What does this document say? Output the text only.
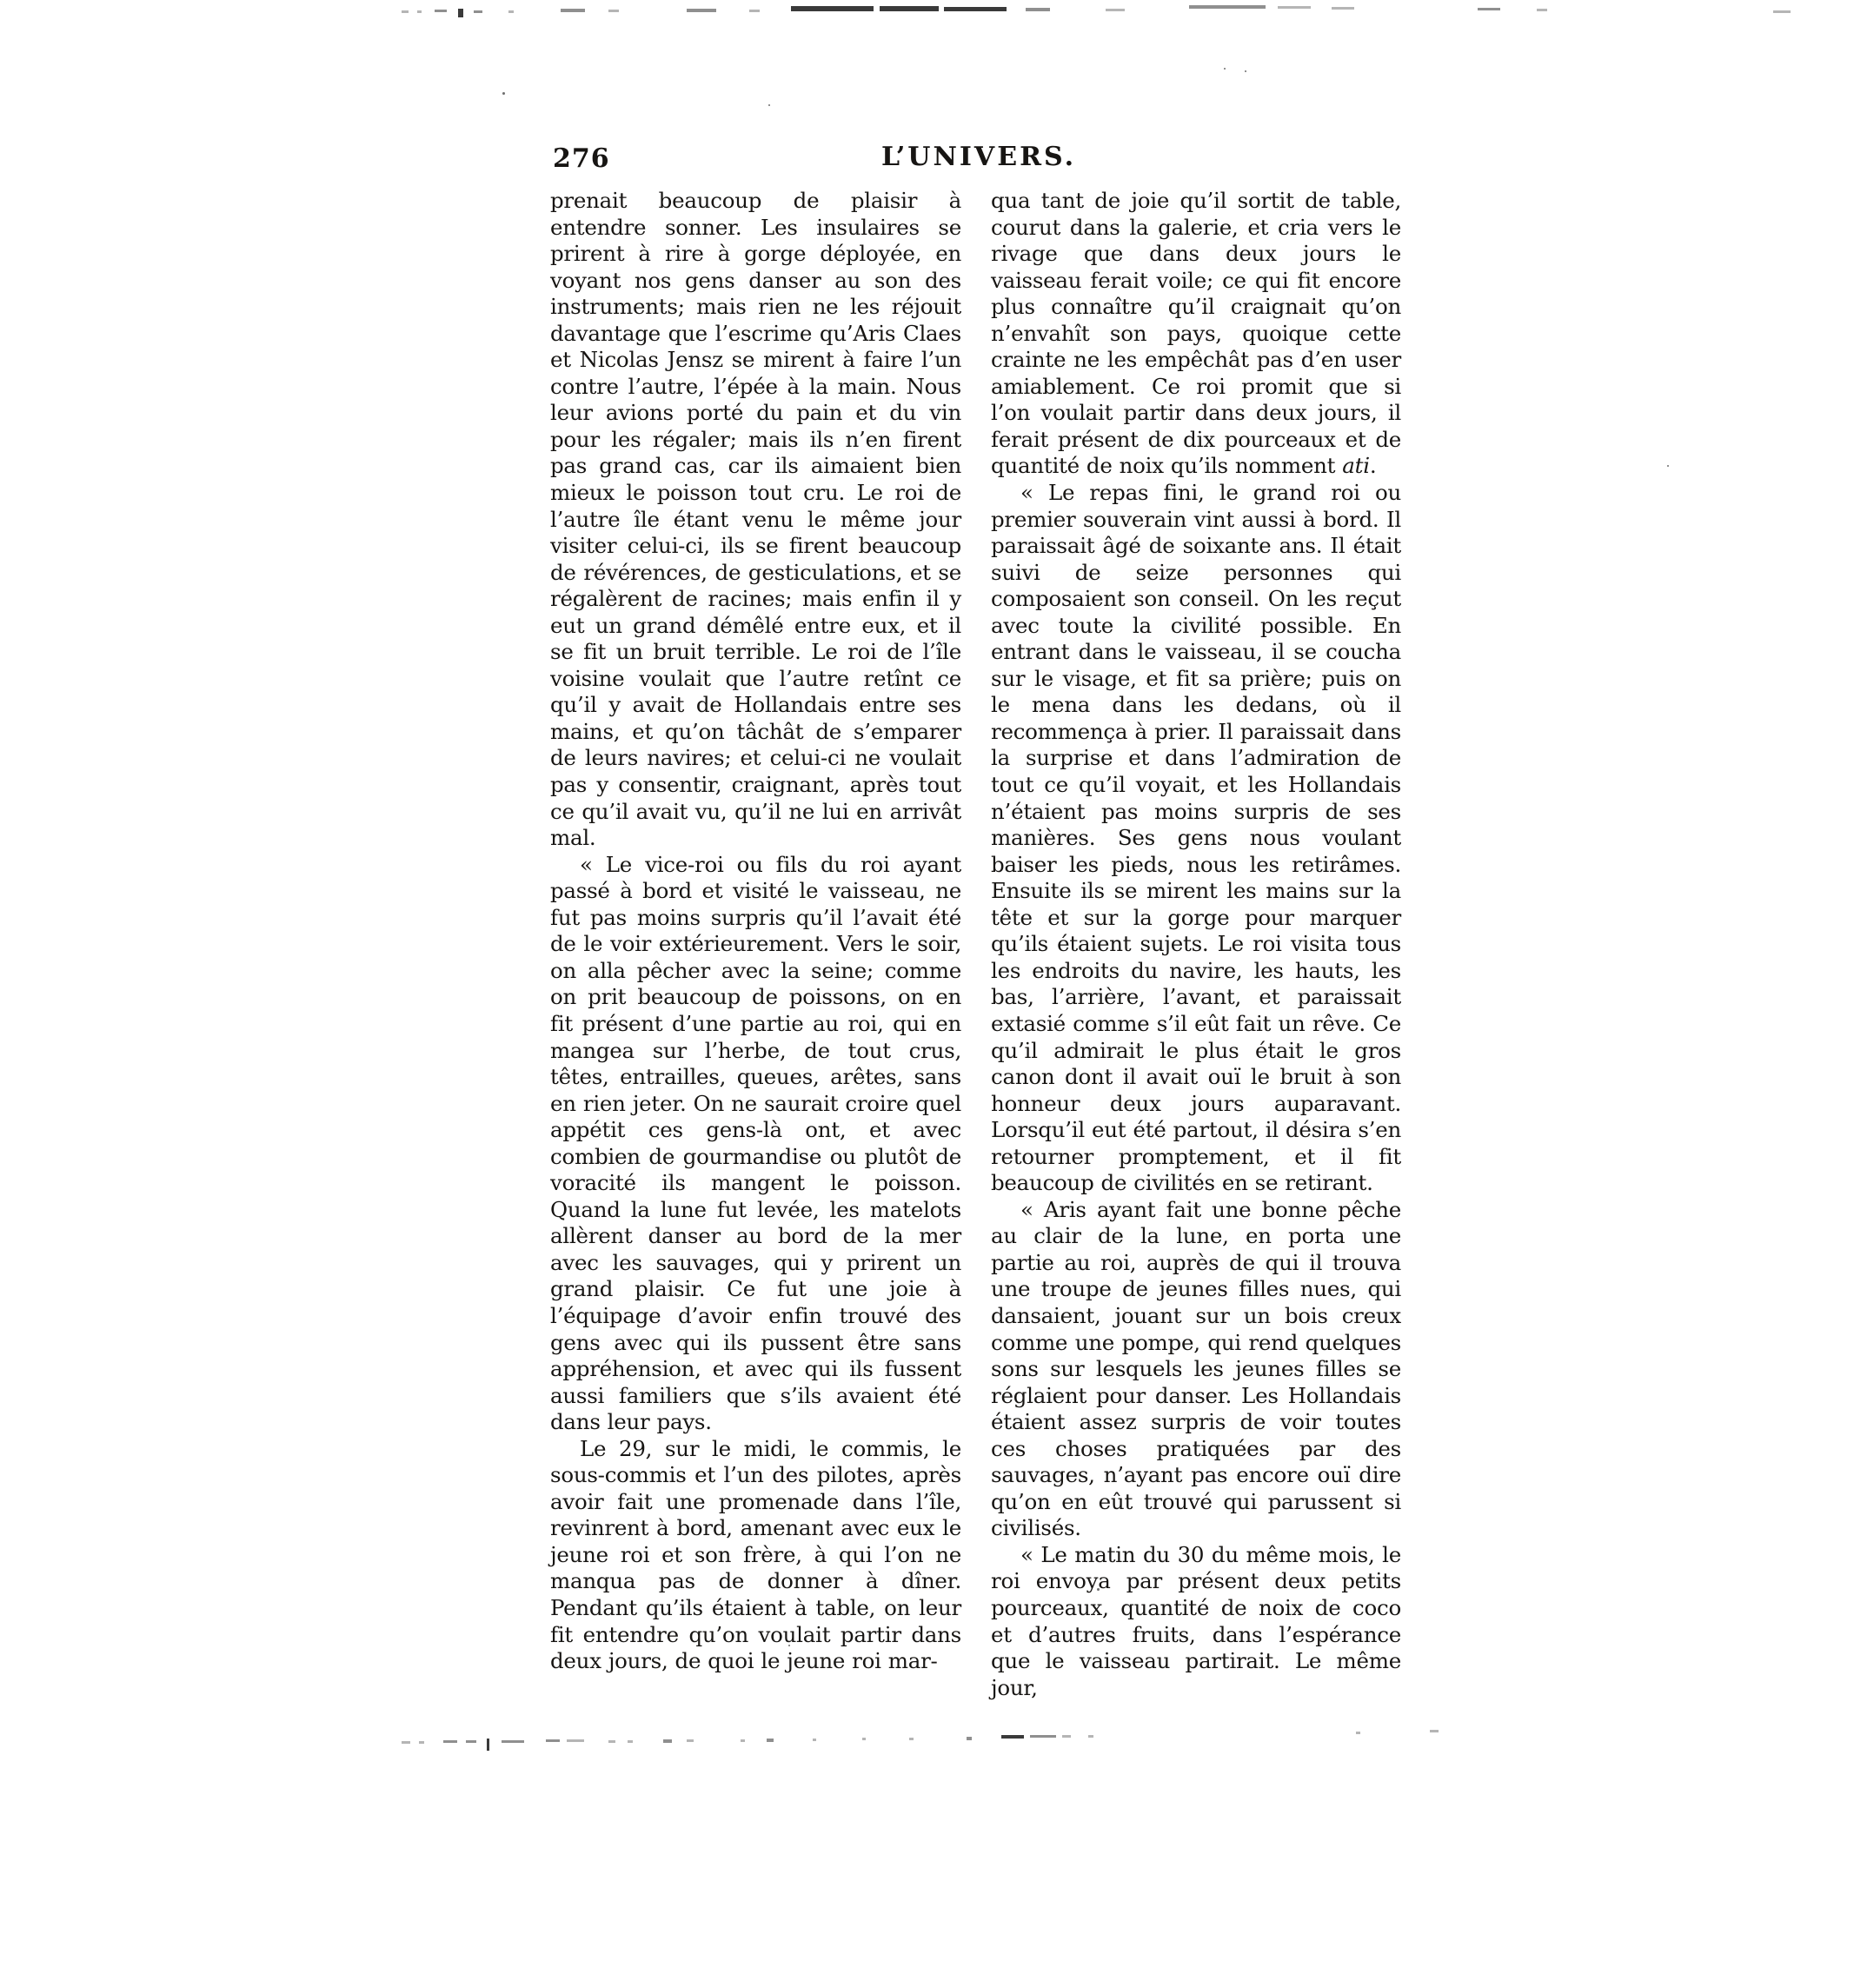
276	L’UNIVERS.

prenait beaucoup de plaisir à entendre sonner. Les insulaires se prirent à rire à gorge déployée, en voyant nos gens danser au son des instruments; mais rien ne les réjouit davantage que l’escrime qu’Aris Claes et Nicolas Jensz se mirent à faire l’un contre l’autre, l’épée à la main. Nous leur avions porté du pain et du vin pour les régaler; mais ils n’en firent pas grand cas, car ils aimaient bien mieux le poisson tout cru. Le roi de l’autre île étant venu le même jour visiter celui-ci, ils se firent beaucoup de révérences, de gesticulations, et se régalèrent de racines; mais enfin il y eut un grand démêlé entre eux, et il se fit un bruit terrible. Le roi de l’île voisine voulait que l’autre retînt ce qu’il y avait de Hollandais entre ses mains, et qu’on tâchât de s’emparer de leurs navires; et celui-ci ne voulait pas y consentir, craignant, après tout ce qu’il avait vu, qu’il ne lui en arrivât mal.

« Le vice-roi ou fils du roi ayant passé à bord et visité le vaisseau, ne fut pas moins surpris qu’il l’avait été de le voir extérieurement. Vers le soir, on alla pêcher avec la seine; comme on prit beaucoup de poissons, on en fit présent d’une partie au roi, qui en mangea sur l’herbe, de tout crus, têtes, entrailles, queues, arêtes, sans en rien jeter. On ne saurait croire quel appétit ces gens-là ont, et avec combien de gourmandise ou plutôt de voracité ils mangent le poisson. Quand la lune fut levée, les matelots allèrent danser au bord de la mer avec les sauvages, qui y prirent un grand plaisir. Ce fut une joie à l’équipage d’avoir enfin trouvé des gens avec qui ils pussent être sans appréhension, et avec qui ils fussent aussi familiers que s’ils avaient été dans leur pays.

Le 29, sur le midi, le commis, le sous-commis et l’un des pilotes, après avoir fait une promenade dans l’île, revinrent à bord, amenant avec eux le jeune roi et son frère, à qui l’on ne manqua pas de donner à dîner. Pendant qu’ils étaient à table, on leur fit entendre qu’on voulait partir dans deux jours, de quoi le jeune roi mar-

qua tant de joie qu’il sortit de table, courut dans la galerie, et cria vers le rivage que dans deux jours le vaisseau ferait voile; ce qui fit encore plus connaître qu’il craignait qu’on n’envahît son pays, quoique cette crainte ne les empêchât pas d’en user amiablement. Ce roi promit que si l’on voulait partir dans deux jours, il ferait présent de dix pourceaux et de quantité de noix qu’ils nomment ati.

« Le repas fini, le grand roi ou premier souverain vint aussi à bord. Il paraissait âgé de soixante ans. Il était suivi de seize personnes qui composaient son conseil. On les reçut avec toute la civilité possible. En entrant dans le vaisseau, il se coucha sur le visage, et fit sa prière; puis on le mena dans les dedans, où il recommença à prier. Il paraissait dans la surprise et dans l’admiration de tout ce qu’il voyait, et les Hollandais n’étaient pas moins surpris de ses manières. Ses gens nous voulant baiser les pieds, nous les retirâmes. Ensuite ils se mirent les mains sur la tête et sur la gorge pour marquer qu’ils étaient sujets. Le roi visita tous les endroits du navire, les hauts, les bas, l’arrière, l’avant, et paraissait extasié comme s’il eût fait un rêve. Ce qu’il admirait le plus était le gros canon dont il avait ouï le bruit à son honneur deux jours auparavant. Lorsqu’il eut été partout, il désira s’en retourner promptement, et il fit beaucoup de civilités en se retirant.

« Aris ayant fait une bonne pêche au clair de la lune, en porta une partie au roi, auprès de qui il trouva une troupe de jeunes filles nues, qui dansaient, jouant sur un bois creux comme une pompe, qui rend quelques sons sur lesquels les jeunes filles se réglaient pour danser. Les Hollandais étaient assez surpris de voir toutes ces choses pratiquées par des sauvages, n’ayant pas encore ouï dire qu’on en eût trouvé qui parussent si civilisés.

« Le matin du 30 du même mois, le roi envoya par présent deux petits pourceaux, quantité de noix de coco et d’autres fruits, dans l’espérance que le vaisseau partirait. Le même jour,
